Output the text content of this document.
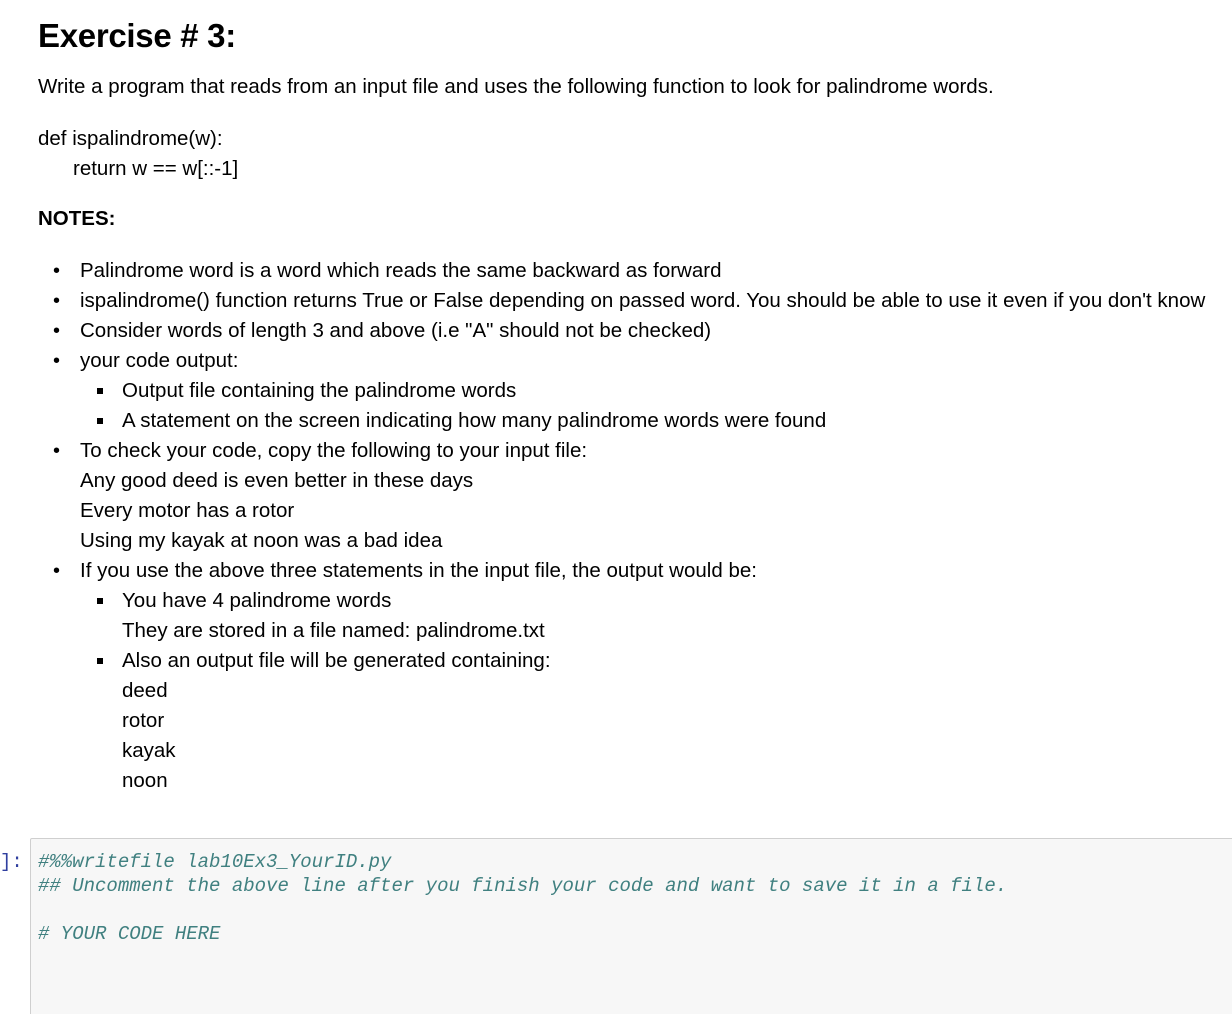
Exercise # 3:

Write a program that reads from an input file and uses the following function to look for palindrome words.

def ispalindrome(w):

return w == w[::-1]

NOTES:

• Palindrome word is a word which reads the same backward as forward
• ispalindrome() function returns True or False depending on passed word. You should be able to use it even if you don't know
• Consider words of length 3 and above (i.e "A" should not be checked)
• your code output:
Output file containing the palindrome words
A statement on the screen indicating how many palindrome words were found
• To check your code, copy the following to your input file:
Any good deed is even better in these days
Every motor has a rotor
Using my kayak at noon was a bad idea
• If you use the above three statements in the input file, the output would be:
You have 4 palindrome words
They are stored in a file named: palindrome.txt
Also an output file will be generated containing:
deed
rotor
kayak
noon
]: #%%writefile lab10Ex3_YourID.py
## Uncomment the above line after you finish your code and want to save it in a file.
# YOUR CODE HERE
